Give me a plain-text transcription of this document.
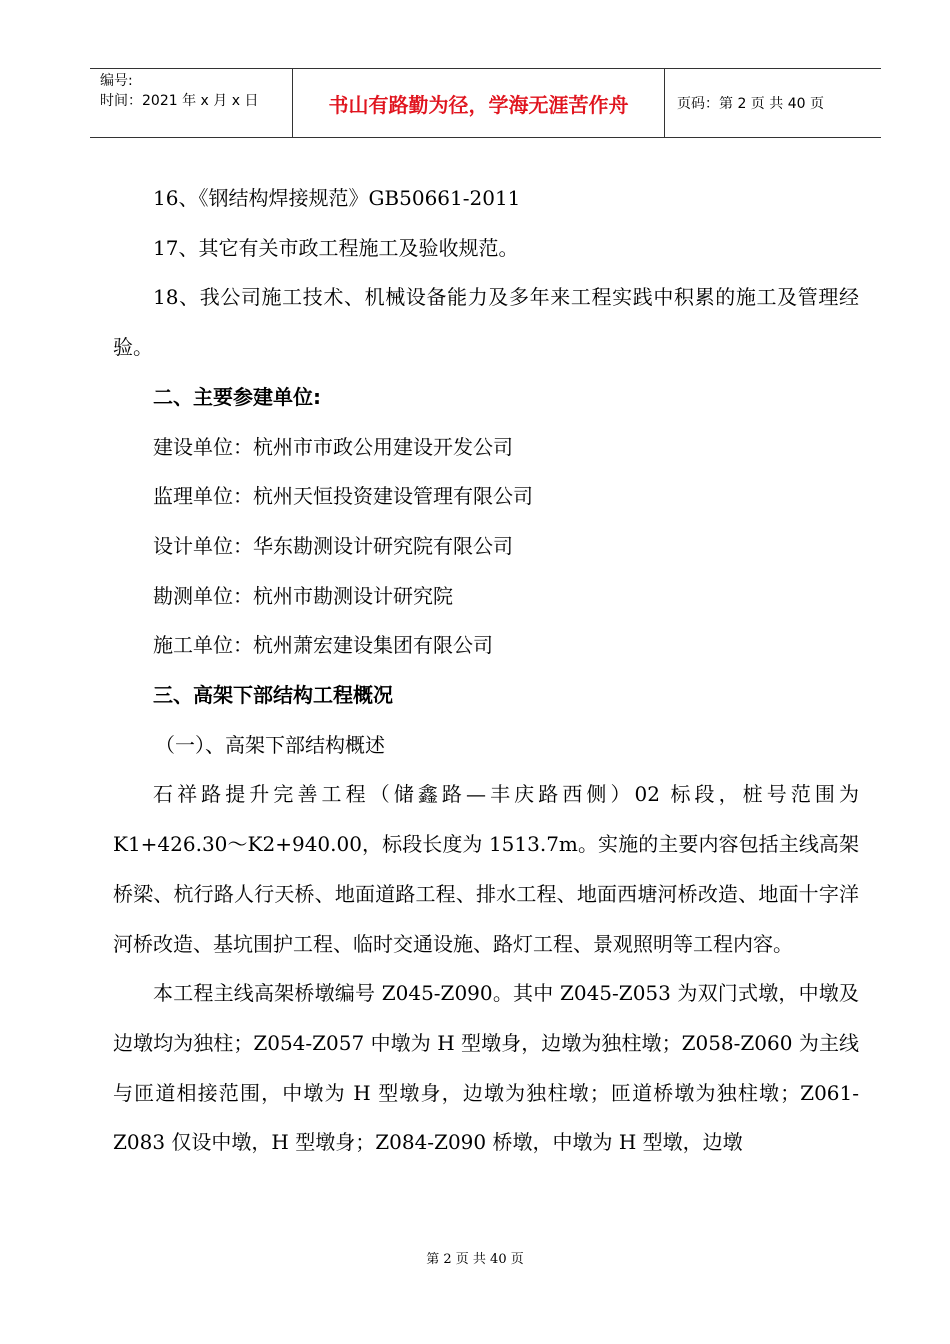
编号:
时间：2021 年 x 月 x 日	书山有路勤为径，学海无涯苦作舟	页码：第 2 页 共 40 页

16、《钢结构焊接规范》GB50661-2011

17、其它有关市政工程施工及验收规范。

18、我公司施工技术、机械设备能力及多年来工程实践中积累的施工及管理经验。

二、主要参建单位:

建设单位：杭州市市政公用建设开发公司

监理单位：杭州天恒投资建设管理有限公司

设计单位：华东勘测设计研究院有限公司

勘测单位：杭州市勘测设计研究院

施工单位：杭州萧宏建设集团有限公司

三、高架下部结构工程概况

（一）、高架下部结构概述

石祥路提升完善工程（储鑫路—丰庆路西侧）02 标段，桩号范围为 K1+426.30～K2+940.00，标段长度为 1513.7m。实施的主要内容包括主线高架桥梁、杭行路人行天桥、地面道路工程、排水工程、地面西塘河桥改造、地面十字洋河桥改造、基坑围护工程、临时交通设施、路灯工程、景观照明等工程内容。

本工程主线高架桥墩编号 Z045-Z090。其中 Z045-Z053 为双门式墩，中墩及边墩均为独柱；Z054-Z057 中墩为 H 型墩身，边墩为独柱墩；Z058-Z060 为主线与匝道相接范围，中墩为 H 型墩身，边墩为独柱墩；匝道桥墩为独柱墩；Z061-Z083 仅设中墩，H 型墩身；Z084-Z090 桥墩，中墩为 H 型墩，边墩

第 2 页 共 40 页
